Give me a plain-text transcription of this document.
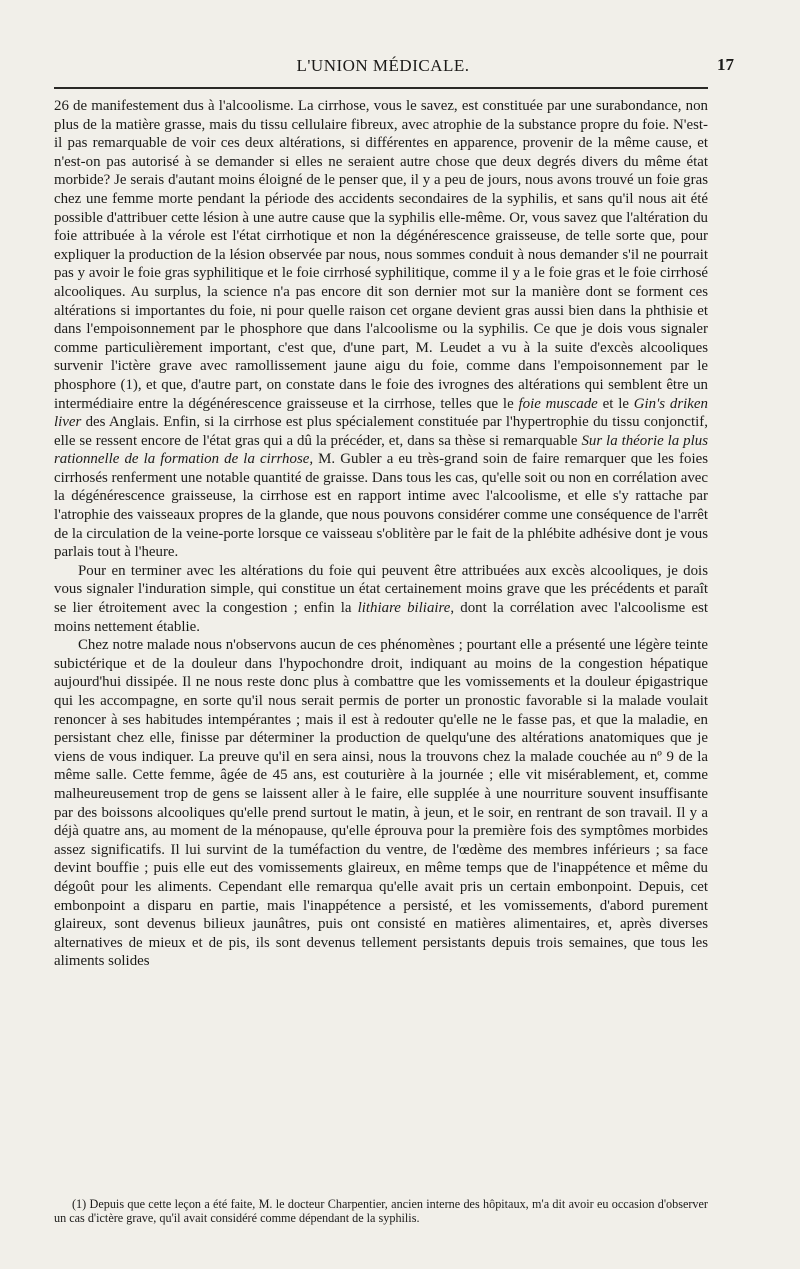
L'UNION MÉDICALE.	17

26 de manifestement dus à l'alcoolisme. La cirrhose, vous le savez, est constituée par une surabondance, non plus de la matière grasse, mais du tissu cellulaire fibreux, avec atrophie de la substance propre du foie. N'est-il pas remarquable de voir ces deux altérations, si différentes en apparence, provenir de la même cause, et n'est-on pas autorisé à se demander si elles ne seraient autre chose que deux degrés divers du même état morbide? Je serais d'autant moins éloigné de le penser que, il y a peu de jours, nous avons trouvé un foie gras chez une femme morte pendant la période des accidents secondaires de la syphilis, et sans qu'il nous ait été possible d'attribuer cette lésion à une autre cause que la syphilis elle-même. Or, vous savez que l'altération du foie attribuée à la vérole est l'état cirrhotique et non la dégénérescence graisseuse, de telle sorte que, pour expliquer la production de la lésion observée par nous, nous sommes conduit à nous demander s'il ne pourrait pas y avoir le foie gras syphilitique et le foie cirrhosé syphilitique, comme il y a le foie gras et le foie cirrhosé alcooliques. Au surplus, la science n'a pas encore dit son dernier mot sur la manière dont se forment ces altérations si importantes du foie, ni pour quelle raison cet organe devient gras aussi bien dans la phthisie et dans l'empoisonnement par le phosphore que dans l'alcoolisme ou la syphilis. Ce que je dois vous signaler comme particulièrement important, c'est que, d'une part, M. Leudet a vu à la suite d'excès alcooliques survenir l'ictère grave avec ramollissement jaune aigu du foie, comme dans l'empoisonnement par le phosphore (1), et que, d'autre part, on constate dans le foie des ivrognes des altérations qui semblent être un intermédiaire entre la dégénérescence graisseuse et la cirrhose, telles que le foie muscade et le Gin's driken liver des Anglais. Enfin, si la cirrhose est plus spécialement constituée par l'hypertrophie du tissu conjonctif, elle se ressent encore de l'état gras qui a dû la précéder, et, dans sa thèse si remarquable Sur la théorie la plus rationnelle de la formation de la cirrhose, M. Gubler a eu très-grand soin de faire remarquer que les foies cirrhosés renferment une notable quantité de graisse. Dans tous les cas, qu'elle soit ou non en corrélation avec la dégénérescence graisseuse, la cirrhose est en rapport intime avec l'alcoolisme, et elle s'y rattache par l'atrophie des vaisseaux propres de la glande, que nous pouvons considérer comme une conséquence de l'arrêt de la circulation de la veine-porte lorsque ce vaisseau s'oblitère par le fait de la phlébite adhésive dont je vous parlais tout à l'heure.

Pour en terminer avec les altérations du foie qui peuvent être attribuées aux excès alcooliques, je dois vous signaler l'induration simple, qui constitue un état certainement moins grave que les précédents et paraît se lier étroitement avec la congestion ; enfin la lithiare biliaire, dont la corrélation avec l'alcoolisme est moins nettement établie.

Chez notre malade nous n'observons aucun de ces phénomènes ; pourtant elle a présenté une légère teinte subictérique et de la douleur dans l'hypochondre droit, indiquant au moins de la congestion hépatique aujourd'hui dissipée. Il ne nous reste donc plus à combattre que les vomissements et la douleur épigastrique qui les accompagne, en sorte qu'il nous serait permis de porter un pronostic favorable si la malade voulait renoncer à ses habitudes intempérantes ; mais il est à redouter qu'elle ne le fasse pas, et que la maladie, en persistant chez elle, finisse par déterminer la production de quelqu'une des altérations anatomiques que je viens de vous indiquer. La preuve qu'il en sera ainsi, nous la trouvons chez la malade couchée au nº 9 de la même salle. Cette femme, âgée de 45 ans, est couturière à la journée ; elle vit misérablement, et, comme malheureusement trop de gens se laissent aller à le faire, elle supplée à une nourriture souvent insuffisante par des boissons alcooliques qu'elle prend surtout le matin, à jeun, et le soir, en rentrant de son travail. Il y a déjà quatre ans, au moment de la ménopause, qu'elle éprouva pour la première fois des symptômes morbides assez significatifs. Il lui survint de la tuméfaction du ventre, de l'œdème des membres inférieurs ; sa face devint bouffie ; puis elle eut des vomissements glaireux, en même temps que de l'inappétence et même du dégoût pour les aliments. Cependant elle remarqua qu'elle avait pris un certain embonpoint. Depuis, cet embonpoint a disparu en partie, mais l'inappétence a persisté, et les vomissements, d'abord purement glaireux, sont devenus bilieux jaunâtres, puis ont consisté en matières alimentaires, et, après diverses alternatives de mieux et de pis, ils sont devenus tellement persistants depuis trois semaines, que tous les aliments solides

(1) Depuis que cette leçon a été faite, M. le docteur Charpentier, ancien interne des hôpitaux, m'a dit avoir eu occasion d'observer un cas d'ictère grave, qu'il avait considéré comme dépendant de la syphilis.
